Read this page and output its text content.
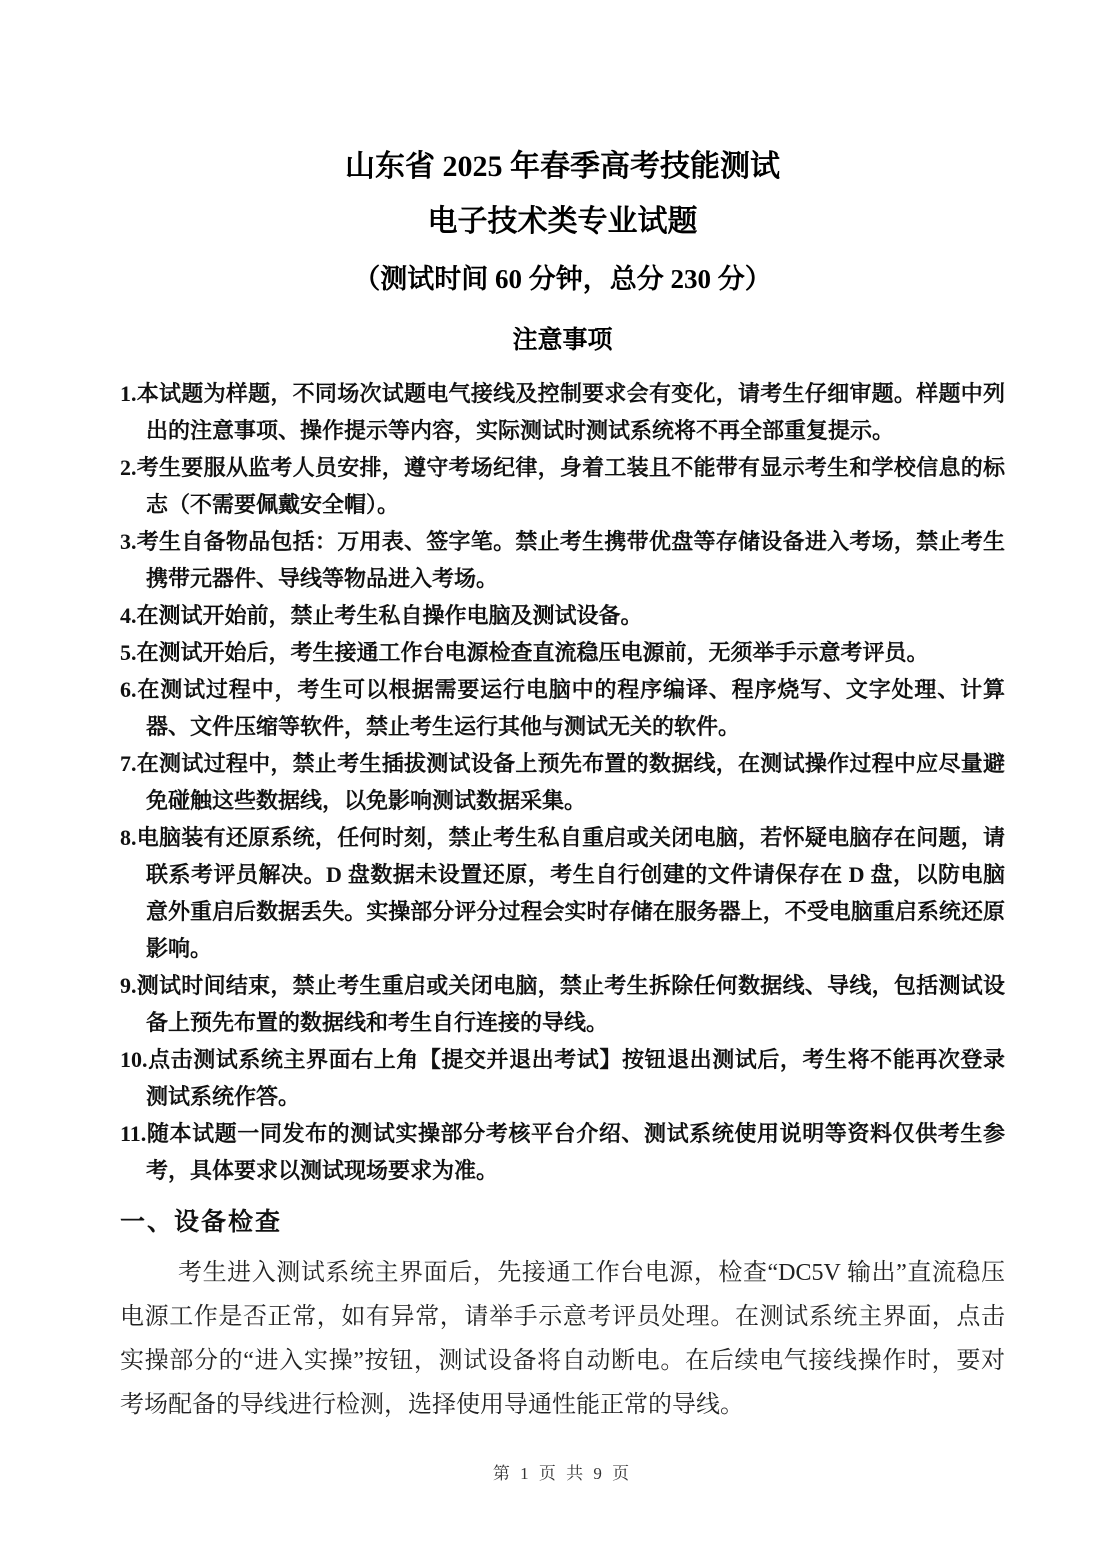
山东省 2025 年春季高考技能测试
电子技术类专业试题
（测试时间 60 分钟，总分 230 分）
注意事项
1.本试题为样题，不同场次试题电气接线及控制要求会有变化，请考生仔细审题。样题中列出的注意事项、操作提示等内容，实际测试时测试系统将不再全部重复提示。
2.考生要服从监考人员安排，遵守考场纪律，身着工装且不能带有显示考生和学校信息的标志（不需要佩戴安全帽）。
3.考生自备物品包括：万用表、签字笔。禁止考生携带优盘等存储设备进入考场，禁止考生携带元器件、导线等物品进入考场。
4.在测试开始前，禁止考生私自操作电脑及测试设备。
5.在测试开始后，考生接通工作台电源检查直流稳压电源前，无须举手示意考评员。
6.在测试过程中，考生可以根据需要运行电脑中的程序编译、程序烧写、文字处理、计算器、文件压缩等软件，禁止考生运行其他与测试无关的软件。
7.在测试过程中，禁止考生插拔测试设备上预先布置的数据线，在测试操作过程中应尽量避免碰触这些数据线，以免影响测试数据采集。
8.电脑装有还原系统，任何时刻，禁止考生私自重启或关闭电脑，若怀疑电脑存在问题，请联系考评员解决。D 盘数据未设置还原，考生自行创建的文件请保存在 D 盘，以防电脑意外重启后数据丢失。实操部分评分过程会实时存储在服务器上，不受电脑重启系统还原影响。
9.测试时间结束，禁止考生重启或关闭电脑，禁止考生拆除任何数据线、导线，包括测试设备上预先布置的数据线和考生自行连接的导线。
10.点击测试系统主界面右上角【提交并退出考试】按钮退出测试后，考生将不能再次登录测试系统作答。
11.随本试题一同发布的测试实操部分考核平台介绍、测试系统使用说明等资料仅供考生参考，具体要求以测试现场要求为准。
一、设备检查

考生进入测试系统主界面后，先接通工作台电源，检查“DC5V 输出”直流稳压电源工作是否正常，如有异常，请举手示意考评员处理。在测试系统主界面，点击实操部分的“进入实操”按钮，测试设备将自动断电。在后续电气接线操作时，要对考场配备的导线进行检测，选择使用导通性能正常的导线。

第 1 页 共 9 页
